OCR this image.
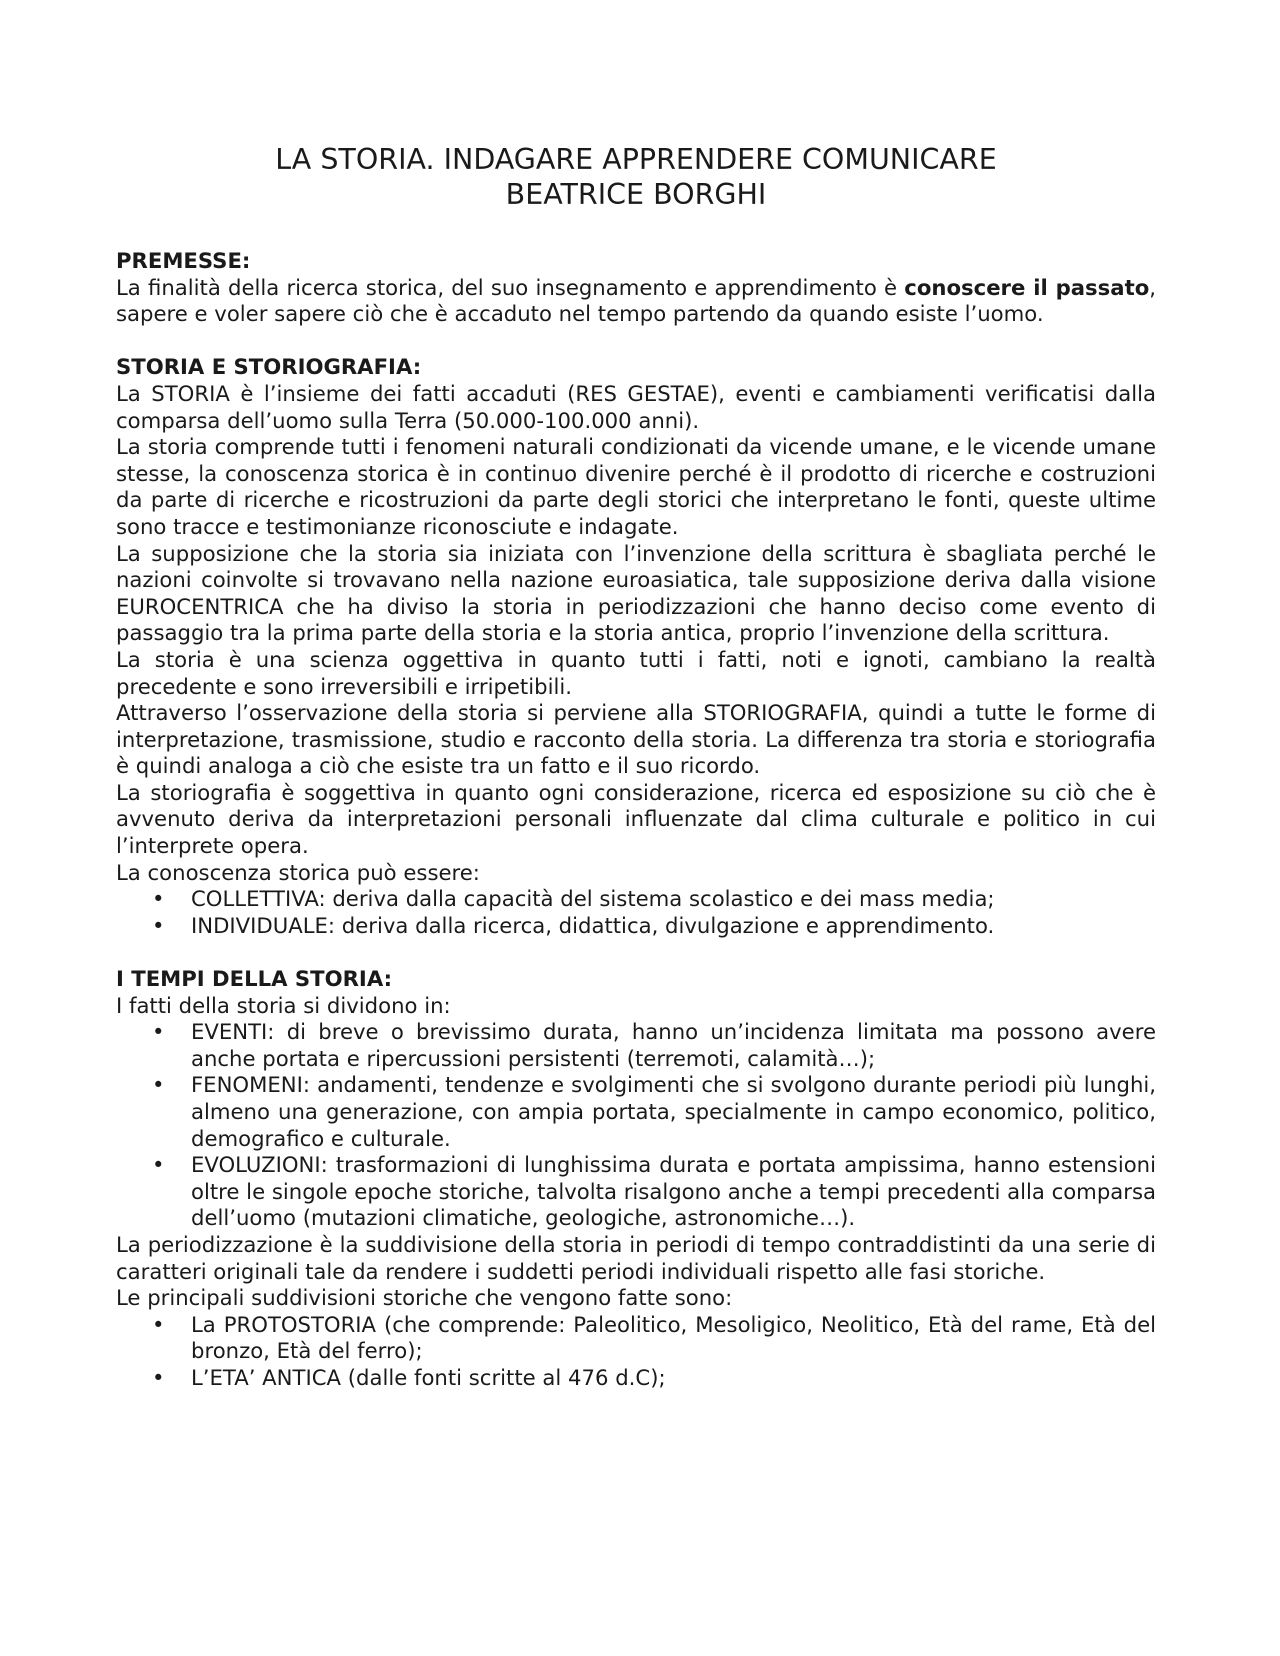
LA STORIA. INDAGARE APPRENDERE COMUNICARE
BEATRICE BORGHI
PREMESSE:

La finalità della ricerca storica, del suo insegnamento e apprendimento è conoscere il passato, sapere e voler sapere ciò che è accaduto nel tempo partendo da quando esiste l’uomo.

STORIA E STORIOGRAFIA:

La STORIA è l’insieme dei fatti accaduti (RES GESTAE), eventi e cambiamenti verificatisi dalla comparsa dell’uomo sulla Terra (50.000-100.000 anni).

La storia comprende tutti i fenomeni naturali condizionati da vicende umane, e le vicende umane stesse, la conoscenza storica è in continuo divenire perché è il prodotto di ricerche e costruzioni da parte di ricerche e ricostruzioni da parte degli storici che interpretano le fonti, queste ultime sono tracce e testimonianze riconosciute e indagate.

La supposizione che la storia sia iniziata con l’invenzione della scrittura è sbagliata perché le nazioni coinvolte si trovavano nella nazione euroasiatica, tale supposizione deriva dalla visione EUROCENTRICA che ha diviso la storia in periodizzazioni che hanno deciso come evento di passaggio tra la prima parte della storia e la storia antica, proprio l’invenzione della scrittura.

La storia è una scienza oggettiva in quanto tutti i fatti, noti e ignoti, cambiano la realtà precedente e sono irreversibili e irripetibili.

Attraverso l’osservazione della storia si perviene alla STORIOGRAFIA, quindi a tutte le forme di interpretazione, trasmissione, studio e racconto della storia. La differenza tra storia e storiografia è quindi analoga a ciò che esiste tra un fatto e il suo ricordo.

La storiografia è soggettiva in quanto ogni considerazione, ricerca ed esposizione su ciò che è avvenuto deriva da interpretazioni personali influenzate dal clima culturale e politico in cui l’interprete opera.

La conoscenza storica può essere:

• COLLETTIVA: deriva dalla capacità del sistema scolastico e dei mass media;
• INDIVIDUALE: deriva dalla ricerca, didattica, divulgazione e apprendimento.
I TEMPI DELLA STORIA:

I fatti della storia si dividono in:

• EVENTI: di breve o brevissimo durata, hanno un’incidenza limitata ma possono avere anche portata e ripercussioni persistenti (terremoti, calamità…);
• FENOMENI: andamenti, tendenze e svolgimenti che si svolgono durante periodi più lunghi, almeno una generazione, con ampia portata, specialmente in campo economico, politico, demografico e culturale.
• EVOLUZIONI: trasformazioni di lunghissima durata e portata ampissima, hanno estensioni oltre le singole epoche storiche, talvolta risalgono anche a tempi precedenti alla comparsa dell’uomo (mutazioni climatiche, geologiche, astronomiche…).

La periodizzazione è la suddivisione della storia in periodi di tempo contraddistinti da una serie di caratteri originali tale da rendere i suddetti periodi individuali rispetto alle fasi storiche.

Le principali suddivisioni storiche che vengono fatte sono:

• La PROTOSTORIA (che comprende: Paleolitico, Mesoligico, Neolitico, Età del rame, Età del bronzo, Età del ferro);
• L’ETA’ ANTICA (dalle fonti scritte al 476 d.C);
